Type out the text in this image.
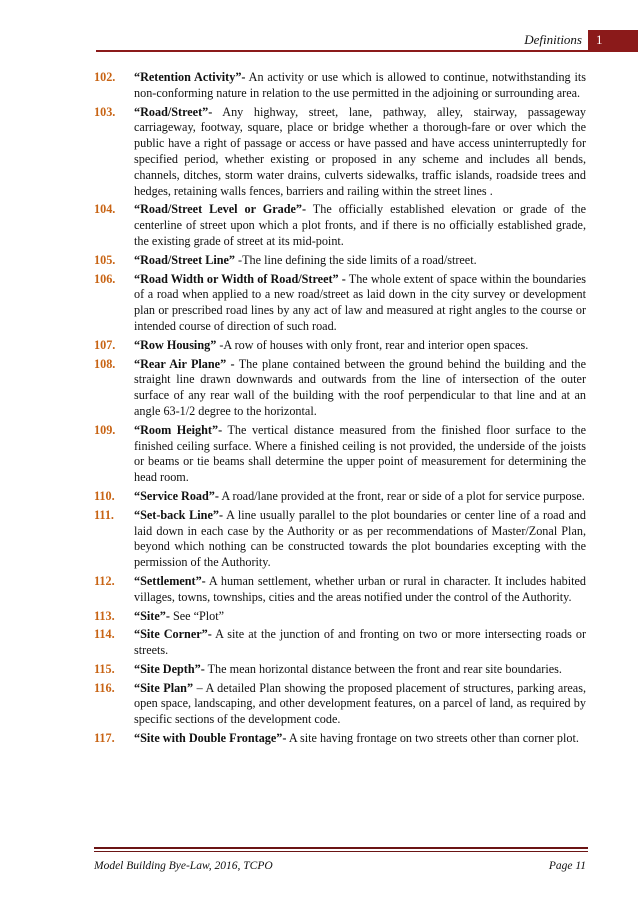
Definitions	1
102.	“Retention Activity”- An activity or use which is allowed to continue, notwithstanding its non-conforming nature in relation to the use permitted in the adjoining or surrounding area.
103.	“Road/Street”- Any highway, street, lane, pathway, alley, stairway, passageway carriageway, footway, square, place or bridge whether a thorough-fare or over which the public have a right of passage or access or have passed and have access uninterruptedly for specified period, whether existing or proposed in any scheme and includes all bends, channels, ditches, storm water drains, culverts sidewalks, traffic islands, roadside trees and hedges, retaining walls fences, barriers and railing within the street lines .
104.	“Road/Street Level or Grade”- The officially established elevation or grade of the centerline of street upon which a plot fronts, and if there is no officially established grade, the existing grade of street at its mid-point.
105.	“Road/Street Line” -The line defining the side limits of a road/street.
106.	“Road Width or Width of Road/Street” - The whole extent of space within the boundaries of a road when applied to a new road/street as laid down in the city survey or development plan or prescribed road lines by any act of law and measured at right angles to the course or intended course of direction of such road.
107.	“Row Housing” -A row of houses with only front, rear and interior open spaces.
108.	“Rear Air Plane” - The plane contained between the ground behind the building and the straight line drawn downwards and outwards from the line of intersection of the outer surface of any rear wall of the building with the roof perpendicular to that line and at an angle 63-1/2 degree to the horizontal.
109.	“Room Height”- The vertical distance measured from the finished floor surface to the finished ceiling surface. Where a finished ceiling is not provided, the underside of the joists or beams or tie beams shall determine the upper point of measurement for determining the head room.
110.	“Service Road”- A road/lane provided at the front, rear or side of a plot for service purpose.
111.	“Set-back Line”- A line usually parallel to the plot boundaries or center line of a road and laid down in each case by the Authority or as per recommendations of Master/Zonal Plan, beyond which nothing can be constructed towards the plot boundaries excepting with the permission of the Authority.
112.	“Settlement”- A human settlement, whether urban or rural in character. It includes habited villages, towns, townships, cities and the areas notified under the control of the Authority.
113.	“Site”- See “Plot”
114.	“Site Corner”- A site at the junction of and fronting on two or more intersecting roads or streets.
115.	“Site Depth”- The mean horizontal distance between the front and rear site boundaries.
116.	“Site Plan” – A detailed Plan showing the proposed placement of structures, parking areas, open space, landscaping, and other development features, on a parcel of land, as required by specific sections of the development code.
117.	“Site with Double Frontage”- A site having frontage on two streets other than corner plot.
Model Building Bye-Law, 2016, TCPO	Page 11
